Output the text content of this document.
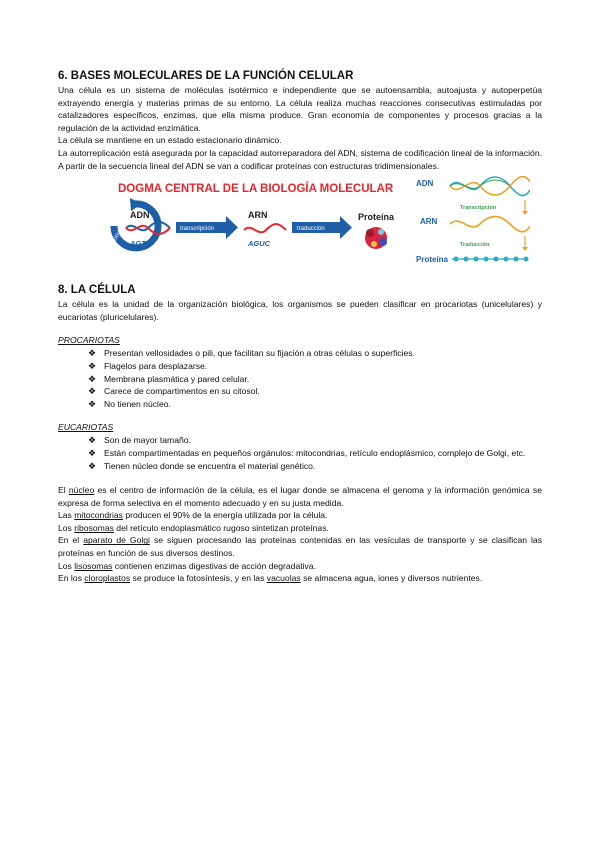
6. BASES MOLECULARES DE LA FUNCIÓN CELULAR

Una célula es un sistema de moléculas isotérmico e independiente que se autoensambla, autoajusta y autoperpetúa extrayendo energía y materias primas de su entorno. La célula realiza muchas reacciones consecutivas estimuladas por catalizadores específicos, enzimas, que ella misma produce. Gran economía de componentes y procesos gracias a la regulación de la actividad enzimática.

La célula se mantiene en un estado estacionario dinámico.

La autorreplicación está asegurada por la capacidad autorreparadora del ADN, sistema de codificación lineal de la información. A partir de la secuencia lineal del ADN se van a codificar proteínas con estructuras tridimensionales.

DOGMA CENTRAL DE LA BIOLOGÍA MOLECULAR
replicación
ADN
AGTC
transcripción
ARN
AGUC
traducción
Proteína
ADN
Transcripción
ARN
Traducción
Proteína
8. LA CÉLULA

La célula es la unidad de la organización biológica, los organismos se pueden clasificar en procariotas (unicelulares) y eucariotas (pluricelulares).

PROCARIOTAS
❖ Presentan vellosidades o pili, que facilitan su fijación a otras células o superficies.
❖ Flagelos para desplazarse.
❖ Membrana plasmática y pared celular.
❖ Carece de compartimentos en su citosol.
❖ No tienen núcleo.
EUCARIOTAS
❖ Son de mayor tamaño.
❖ Están compartimentadas en pequeños orgánulos: mitocondrias, retículo endoplásmico, complejo de Golgi, etc.
❖ Tienen núcleo donde se encuentra el material genético.

El núcleo es el centro de información de la célula, es el lugar donde se almacena el genoma y la información genómica se expresa de forma selectiva en el momento adecuado y en su justa medida.

Las mitocondrias producen el 90% de la energía utilizada por la célula.

Los ribosomas del retículo endoplasmático rugoso sintetizan proteínas.

En el aparato de Golgi se siguen procesando las proteínas contenidas en las vesículas de transporte y se clasifican las proteínas en función de sus diversos destinos.

Los lisosomas contienen enzimas digestivas de acción degradativa.

En los cloroplastos se produce la fotosíntesis, y en las vacuolas se almacena agua, iones y diversos nutrientes.
